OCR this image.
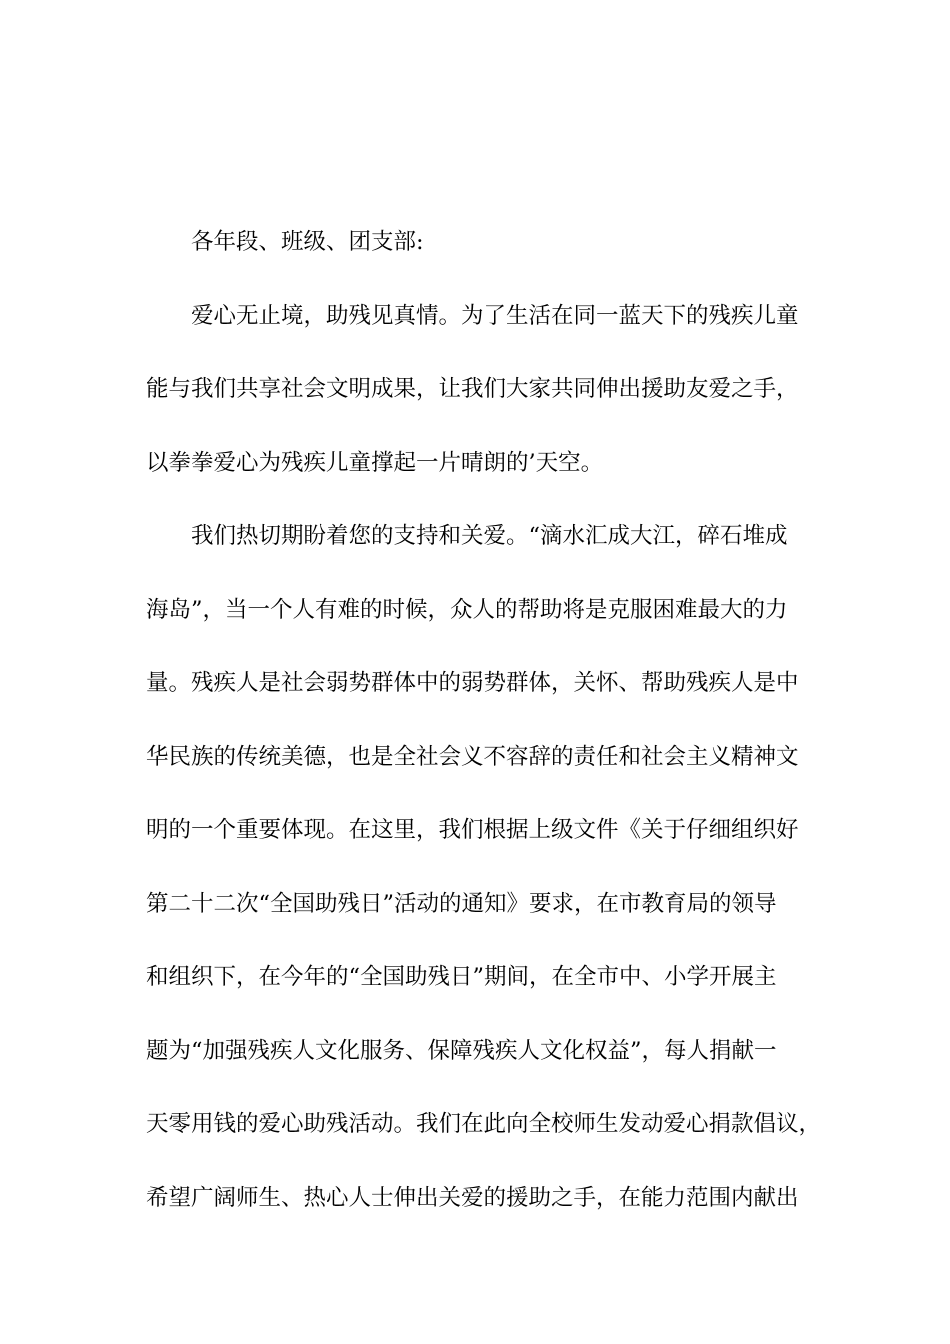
各年段、班级、团支部:
爱心无止境，助残见真情。为了生活在同一蓝天下的残疾儿童
能与我们共享社会文明成果，让我们大家共同伸出援助友爱之手，
以拳拳爱心为残疾儿童撑起一片晴朗的’天空。
我们热切期盼着您的支持和关爱。“滴水汇成大江，碎石堆成
海岛”，当一个人有难的时候，众人的帮助将是克服困难最大的力
量。残疾人是社会弱势群体中的弱势群体，关怀、帮助残疾人是中
华民族的传统美德，也是全社会义不容辞的责任和社会主义精神文
明的一个重要体现。在这里，我们根据上级文件《关于仔细组织好
第二十二次“全国助残日”活动的通知》要求，在市教育局的领导
和组织下，在今年的“全国助残日”期间，在全市中、小学开展主
题为“加强残疾人文化服务、保障残疾人文化权益”，每人捐献一
天零用钱的爱心助残活动。我们在此向全校师生发动爱心捐款倡议，
希望广阔师生、热心人士伸出关爱的援助之手，在能力范围内献出
